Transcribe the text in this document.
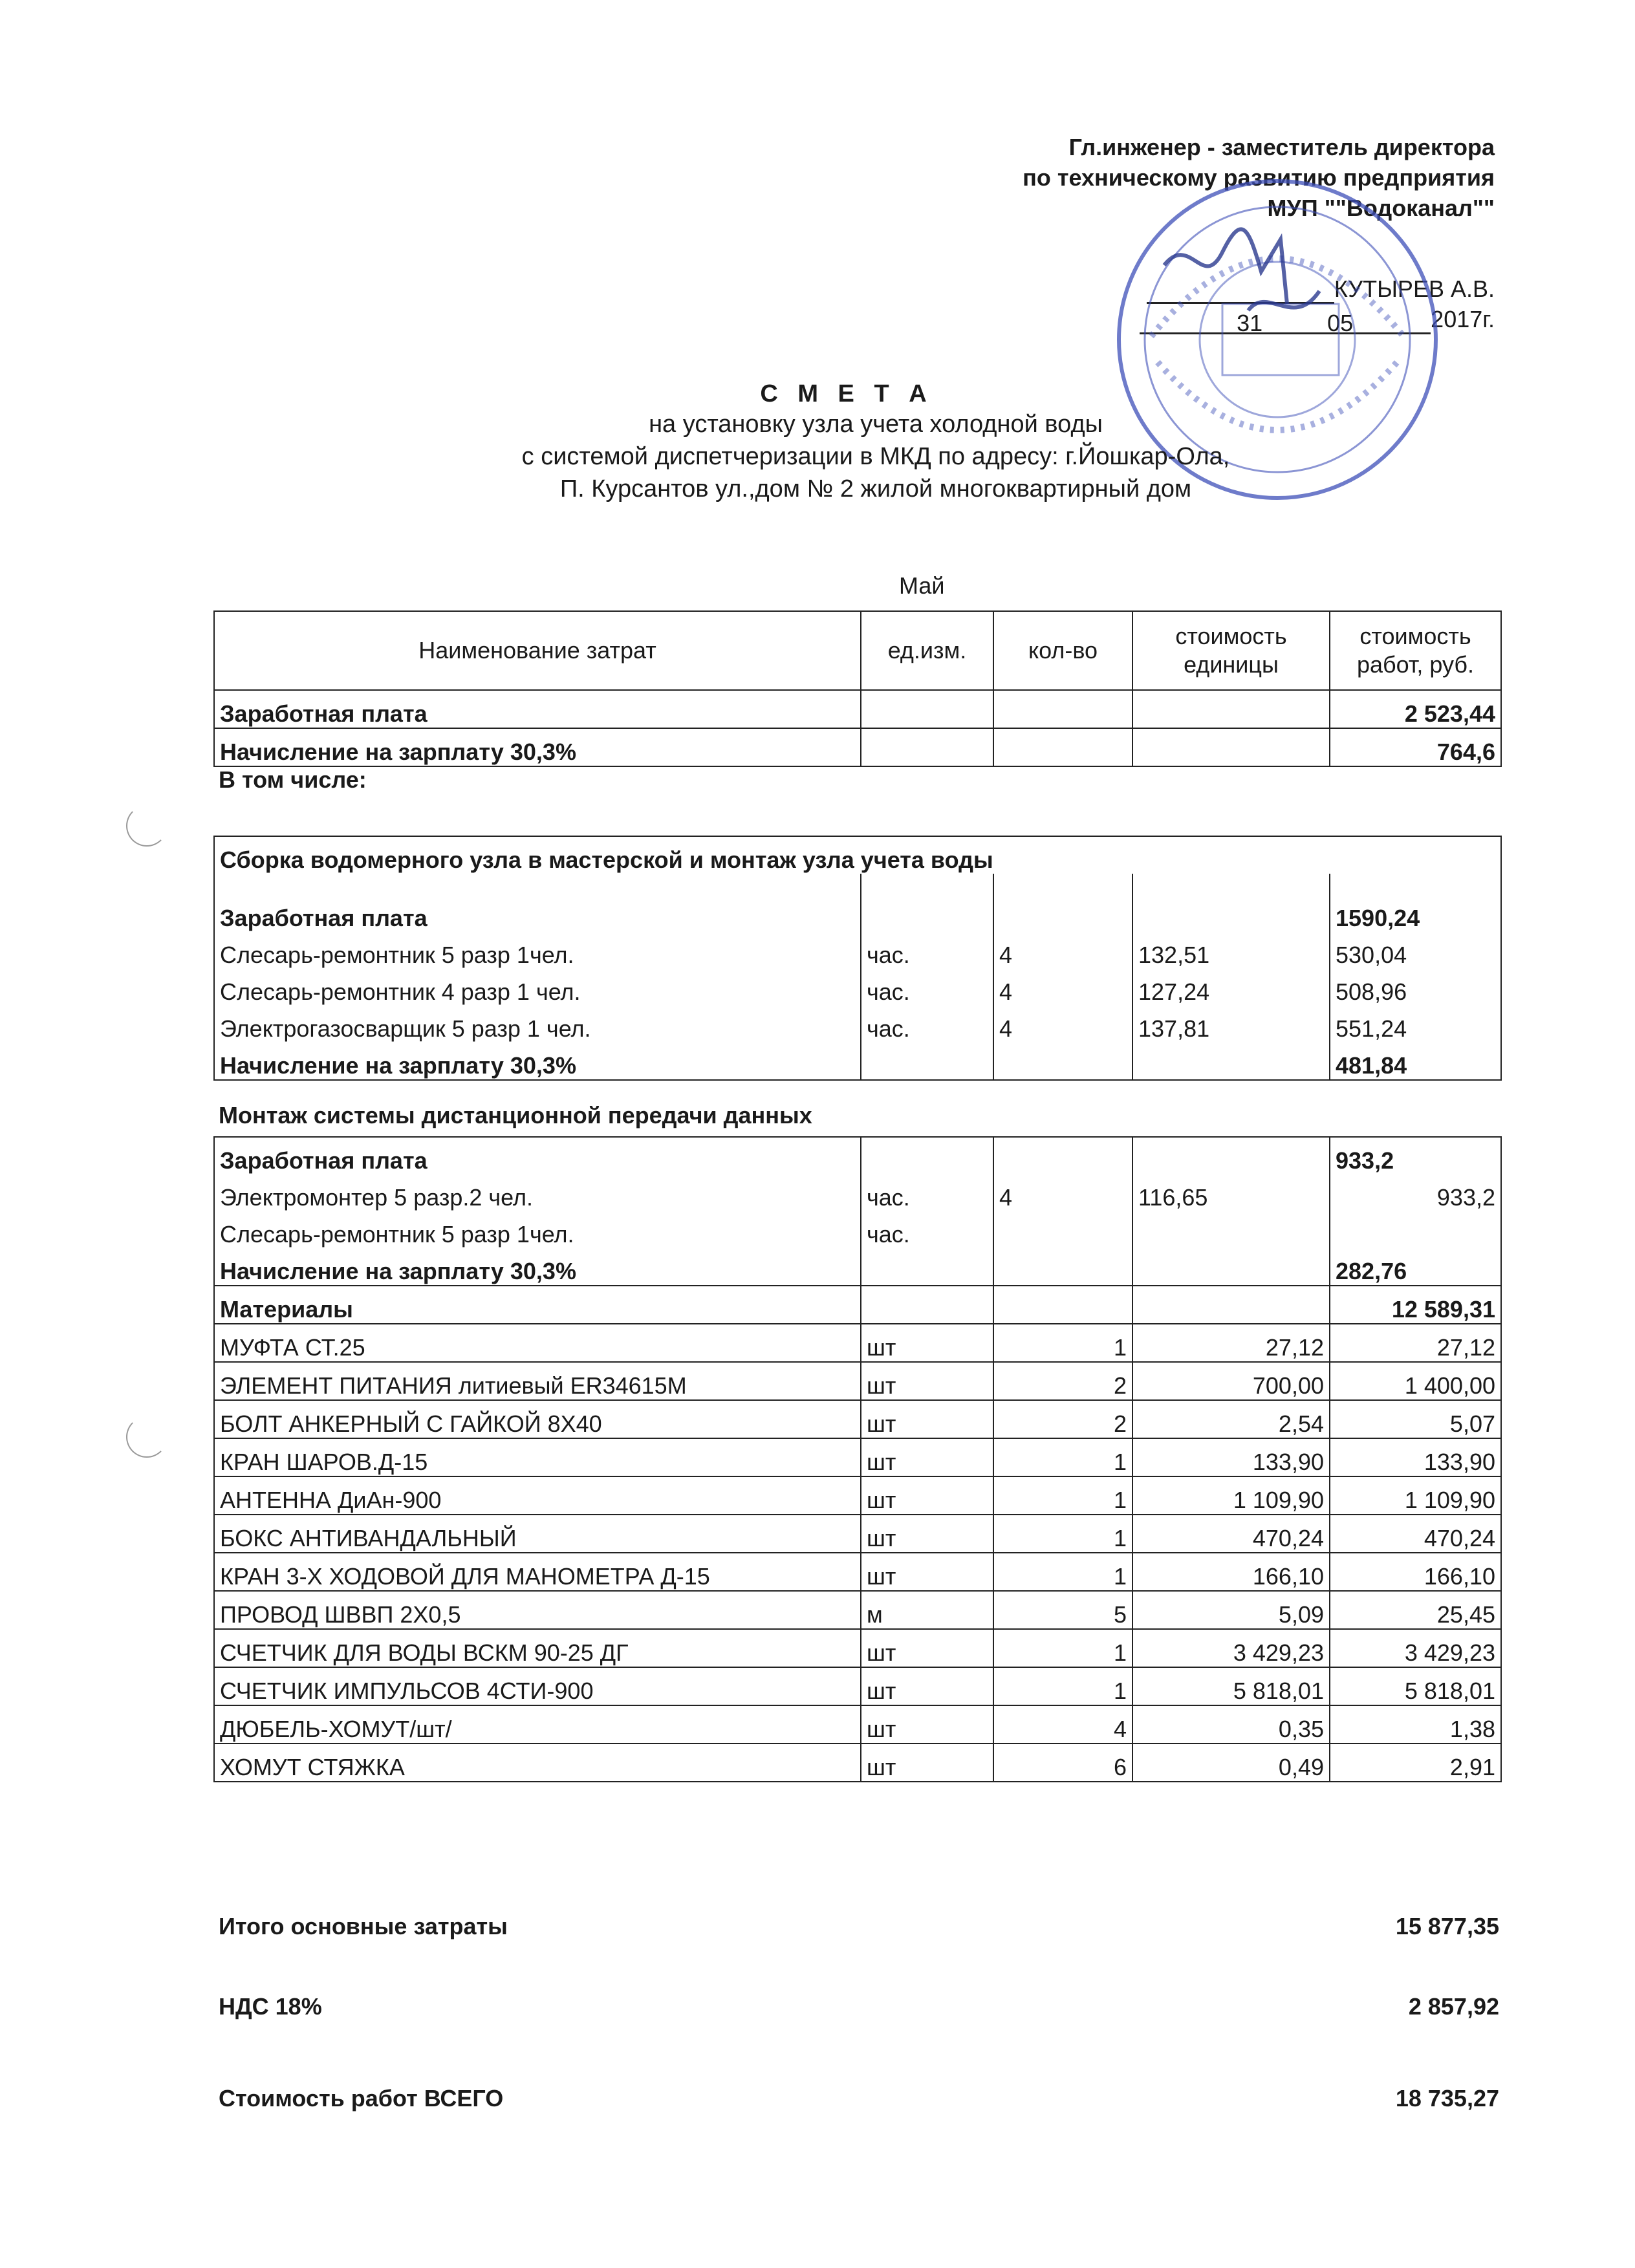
Гл.инженер - заместитель директора
по техническому развитию предприятия
МУП ""Водоканал""
КУТЫРЕВ А.В.
31	05	2017г.
С М Е Т А
на установку узла учета холодной воды
с системой диспетчеризации в МКД по адресу: г.Йошкар-Ола,
П. Курсантов ул.,дом № 2 жилой многоквартирный дом
Май
Наименование затрат	ед.изм.	кол-во	стоимость единицы	стоимость работ, руб.
Заработная плата				2 523,44
Начисление на зарплату 30,3%				764,6
В том числе:
Сборка водомерного узла в мастерской и монтаж узла учета воды				
Заработная плата				1590,24
Слесарь-ремонтник 5 разр 1чел.	час.	4	132,51	530,04
Слесарь-ремонтник 4 разр 1 чел.	час.	4	127,24	508,96
Электрогазосварщик 5 разр 1 чел.	час.	4	137,81	551,24
Начисление на зарплату 30,3%				481,84
Монтаж системы дистанционной передачи данных
Заработная плата				933,2
Электромонтер 5 разр.2 чел.	час.	4	116,65	933,2
Слесарь-ремонтник 5 разр 1чел.	час.			
Начисление на зарплату 30,3%				282,76
Материалы				12 589,31
МУФТА СТ.25	шт	1	27,12	27,12
ЭЛЕМЕНТ ПИТАНИЯ литиевый ER34615M	шт	2	700,00	1 400,00
БОЛТ АНКЕРНЫЙ С ГАЙКОЙ 8Х40	шт	2	2,54	5,07
КРАН ШАРОВ.Д-15	шт	1	133,90	133,90
АНТЕННА ДиАн-900	шт	1	1 109,90	1 109,90
БОКС АНТИВАНДАЛЬНЫЙ	шт	1	470,24	470,24
КРАН 3-Х ХОДОВОЙ ДЛЯ МАНОМЕТРА Д-15	шт	1	166,10	166,10
ПРОВОД ШВВП 2Х0,5	м	5	5,09	25,45
СЧЕТЧИК ДЛЯ ВОДЫ ВСКМ 90-25 ДГ	шт	1	3 429,23	3 429,23
СЧЕТЧИК ИМПУЛЬСОВ 4СТИ-900	шт	1	5 818,01	5 818,01
ДЮБЕЛЬ-ХОМУТ/шт/	шт	4	0,35	1,38
ХОМУТ СТЯЖКА	шт	6	0,49	2,91
Итого основные затраты	15 877,35
НДС 18%	2 857,92
Стоимость работ ВСЕГО	18 735,27
